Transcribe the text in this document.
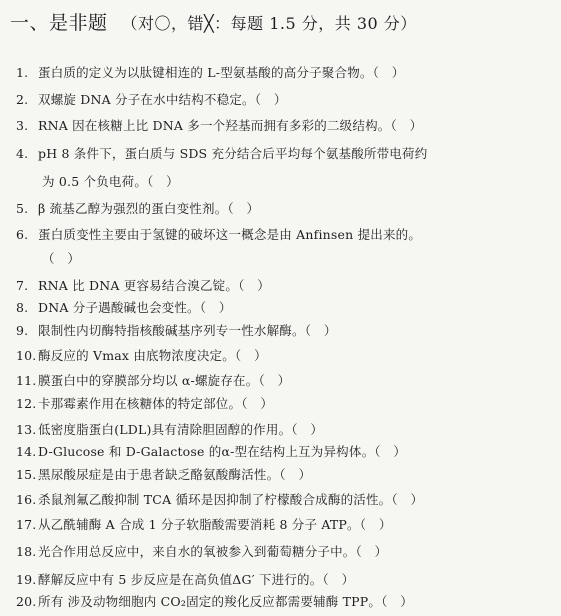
一、是非题 （对〇，错╳：每题 1.5 分，共 30 分）
1. 蛋白质的定义为以肽键相连的 L-型氨基酸的高分子聚合物。（　）
2. 双螺旋 DNA 分子在水中结构不稳定。（　）
3. RNA 因在核糖上比 DNA 多一个羟基而拥有多彩的二级结构。（　）
4. pH 8 条件下，蛋白质与 SDS 充分结合后平均每个氨基酸所带电荷约
为 0.5 个负电荷。（　）
5. β 巯基乙醇为强烈的蛋白变性剂。（　）
6. 蛋白质变性主要由于氢键的破坏这一概念是由 Anfinsen 提出来的。
（　）
7. RNA 比 DNA 更容易结合溴乙锭。（　）
8. DNA 分子遇酸碱也会变性。（　）
9. 限制性内切酶特指核酸碱基序列专一性水解酶。（　）
10. 酶反应的 Vmax 由底物浓度决定。（　）
11. 膜蛋白中的穿膜部分均以 α-螺旋存在。（　）
12. 卡那霉素作用在核糖体的特定部位。（　）
13. 低密度脂蛋白(LDL)具有清除胆固醇的作用。（　）
14. D-Glucose 和 D-Galactose 的α-型在结构上互为异构体。（　）
15. 黑尿酸尿症是由于患者缺乏酪氨酸酶活性。（　）
16. 杀鼠剂氟乙酸抑制 TCA 循环是因抑制了柠檬酸合成酶的活性。（　）
17. 从乙酰辅酶 A 合成 1 分子软脂酸需要消耗 8 分子 ATP。（　）
18. 光合作用总反应中，来自水的氧被参入到葡萄糖分子中。（　）
19. 酵解反应中有 5 步反应是在高负值ΔG′ 下进行的。（　）
20. 所有 涉及动物细胞内 CO₂固定的羧化反应都需要辅酶 TPP。（　）
